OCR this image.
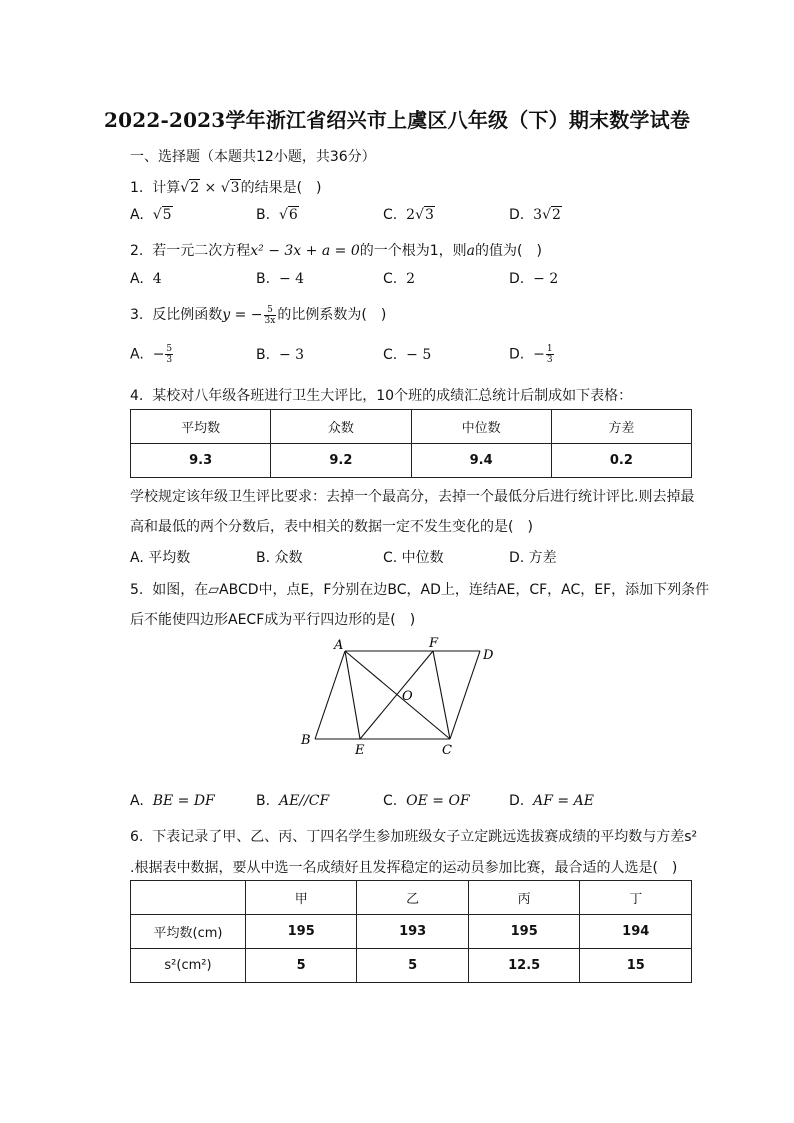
2022-2023学年浙江省绍兴市上虞区八年级（下）期末数学试卷
一、选择题（本题共12小题，共36分）
1. 计算√2 × √3的结果是(　)
A. √5	B. √6	C. 2√3	D. 3√2
2. 若一元二次方程x² − 3x + a = 0的一个根为1，则a的值为(　)
A. 4	B. − 4	C. 2	D. − 2
3. 反比例函数y = − $\frac{5}{3x}$ 的比例系数为(　)
A. − $\frac{5}{3}$	B. − 3	C. − 5	D. − $\frac{1}{3}$
4. 某校对八年级各班进行卫生大评比，10个班的成绩汇总统计后制成如下表格：
平均数	众数	中位数	方差
9.3	9.2	9.4	0.2
学校规定该年级卫生评比要求：去掉一个最高分，去掉一个最低分后进行统计评比.则去掉最
高和最低的两个分数后，表中相关的数据一定不发生变化的是(　)
A. 平均数	B. 众数	C. 中位数	D. 方差
5. 如图，在▱ABCD中，点E，F分别在边BC，AD上，连结AE，CF，AC，EF，添加下列条件
后不能使四边形AECF成为平行四边形的是(　)
A	F
D
O
B
E	C
A. BE = DF	B. AE//CF	C. OE = OF	D. AF = AE
6. 下表记录了甲、乙、丙、丁四名学生参加班级女子立定跳远选拔赛成绩的平均数与方差s²
.根据表中数据，要从中选一名成绩好且发挥稳定的运动员参加比赛，最合适的人选是(　)
	甲	乙	丙	丁
平均数(cm)	195	193	195	194
s²(cm²)	5	5	12.5	15
